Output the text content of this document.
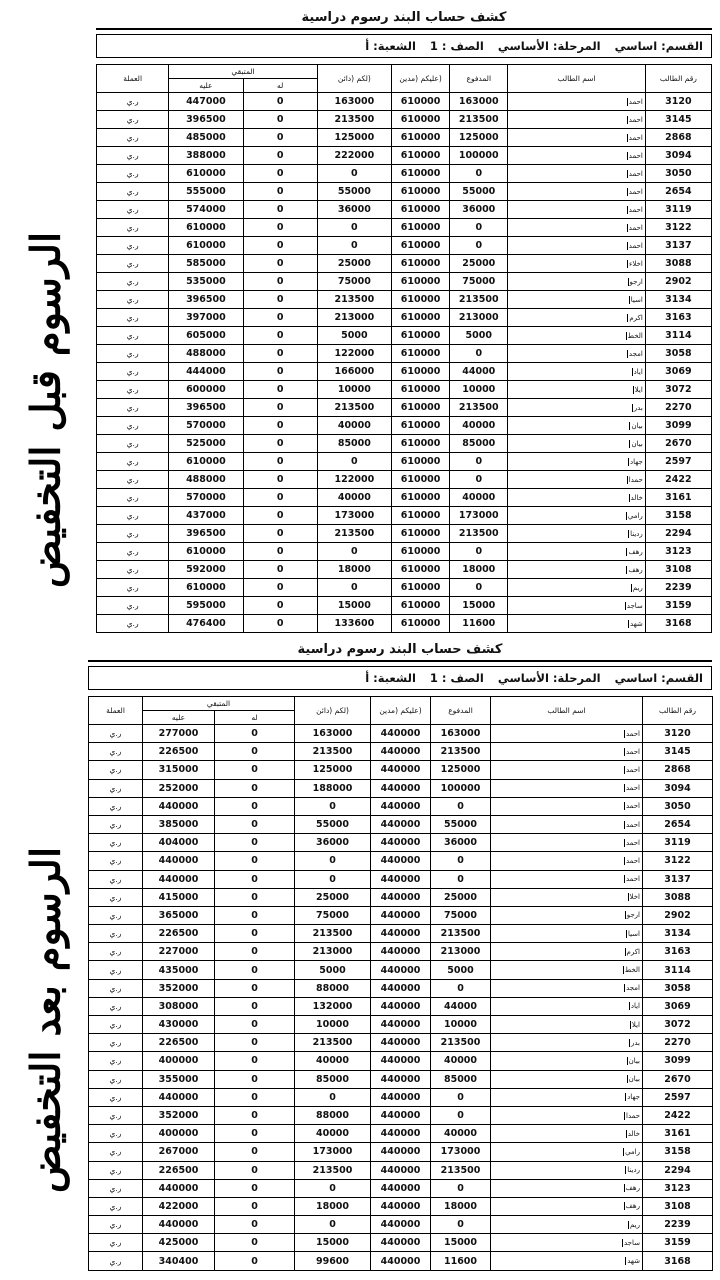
الرسوم قبل التخفيض
الرسوم بعد التخفيض
كشف حساب البند رسوم دراسية
القسم: اساسي المرحلة: الأساسي الصف : 1 الشعبة: أ
رقم الطالب	اسم الطالب	المدفوع	(عليكم (مدين	(لكم (دائن	المتبقي		العملة
					له	عليه	
3120	احمد	163000	610000	163000	0	447000	ر.ي
3145	احمد	213500	610000	213500	0	396500	ر.ي
2868	احمد	125000	610000	125000	0	485000	ر.ي
3094	احمد	100000	610000	222000	0	388000	ر.ي
3050	احمد	0	610000	0	0	610000	ر.ي
2654	احمد	55000	610000	55000	0	555000	ر.ي
3119	احمد	36000	610000	36000	0	574000	ر.ي
3122	احمد	0	610000	0	0	610000	ر.ي
3137	احمد	0	610000	0	0	610000	ر.ي
3088	اخلاء	25000	610000	25000	0	585000	ر.ي
2902	ارجو	75000	610000	75000	0	535000	ر.ي
3134	اسيا	213500	610000	213500	0	396500	ر.ي
3163	اكرم	213000	610000	213000	0	397000	ر.ي
3114	الخط	5000	610000	5000	0	605000	ر.ي
3058	امجد	0	610000	122000	0	488000	ر.ي
3069	اياد	44000	610000	166000	0	444000	ر.ي
3072	ايلا	10000	610000	10000	0	600000	ر.ي
2270	بدر	213500	610000	213500	0	396500	ر.ي
3099	بيان	40000	610000	40000	0	570000	ر.ي
2670	بيان	85000	610000	85000	0	525000	ر.ي
2597	جهاد	0	610000	0	0	610000	ر.ي
2422	حمدا	0	610000	122000	0	488000	ر.ي
3161	خالد	40000	610000	40000	0	570000	ر.ي
3158	رامي	173000	610000	173000	0	437000	ر.ي
2294	ردينا	213500	610000	213500	0	396500	ر.ي
3123	رهف	0	610000	0	0	610000	ر.ي
3108	رهف	18000	610000	18000	0	592000	ر.ي
2239	ريم	0	610000	0	0	610000	ر.ي
3159	ساجد	15000	610000	15000	0	595000	ر.ي
3168	شهد	11600	610000	133600	0	476400	ر.ي
كشف حساب البند رسوم دراسية
القسم: اساسي المرحلة: الأساسي الصف : 1 الشعبة: أ
رقم الطالب	اسم الطالب	المدفوع	(عليكم (مدين	(لكم (دائن	المتبقي		العملة
					له	عليه	
3120	احمد	163000	440000	163000	0	277000	ر.ي
3145	احمد	213500	440000	213500	0	226500	ر.ي
2868	احمد	125000	440000	125000	0	315000	ر.ي
3094	احمد	100000	440000	188000	0	252000	ر.ي
3050	احمد	0	440000	0	0	440000	ر.ي
2654	احمد	55000	440000	55000	0	385000	ر.ي
3119	احمد	36000	440000	36000	0	404000	ر.ي
3122	احمد	0	440000	0	0	440000	ر.ي
3137	احمد	0	440000	0	0	440000	ر.ي
3088	اخلا	25000	440000	25000	0	415000	ر.ي
2902	ارجو	75000	440000	75000	0	365000	ر.ي
3134	اسيا	213500	440000	213500	0	226500	ر.ي
3163	اكرم	213000	440000	213000	0	227000	ر.ي
3114	الخط	5000	440000	5000	0	435000	ر.ي
3058	امجد	0	440000	88000	0	352000	ر.ي
3069	اياد	44000	440000	132000	0	308000	ر.ي
3072	ايلا	10000	440000	10000	0	430000	ر.ي
2270	بدر	213500	440000	213500	0	226500	ر.ي
3099	بيان	40000	440000	40000	0	400000	ر.ي
2670	بيان	85000	440000	85000	0	355000	ر.ي
2597	جهاد	0	440000	0	0	440000	ر.ي
2422	حمدا	0	440000	88000	0	352000	ر.ي
3161	خالد	40000	440000	40000	0	400000	ر.ي
3158	رامي	173000	440000	173000	0	267000	ر.ي
2294	ردينا	213500	440000	213500	0	226500	ر.ي
3123	رهف	0	440000	0	0	440000	ر.ي
3108	رهف	18000	440000	18000	0	422000	ر.ي
2239	ريم	0	440000	0	0	440000	ر.ي
3159	ساجد	15000	440000	15000	0	425000	ر.ي
3168	شهد	11600	440000	99600	0	340400	ر.ي
